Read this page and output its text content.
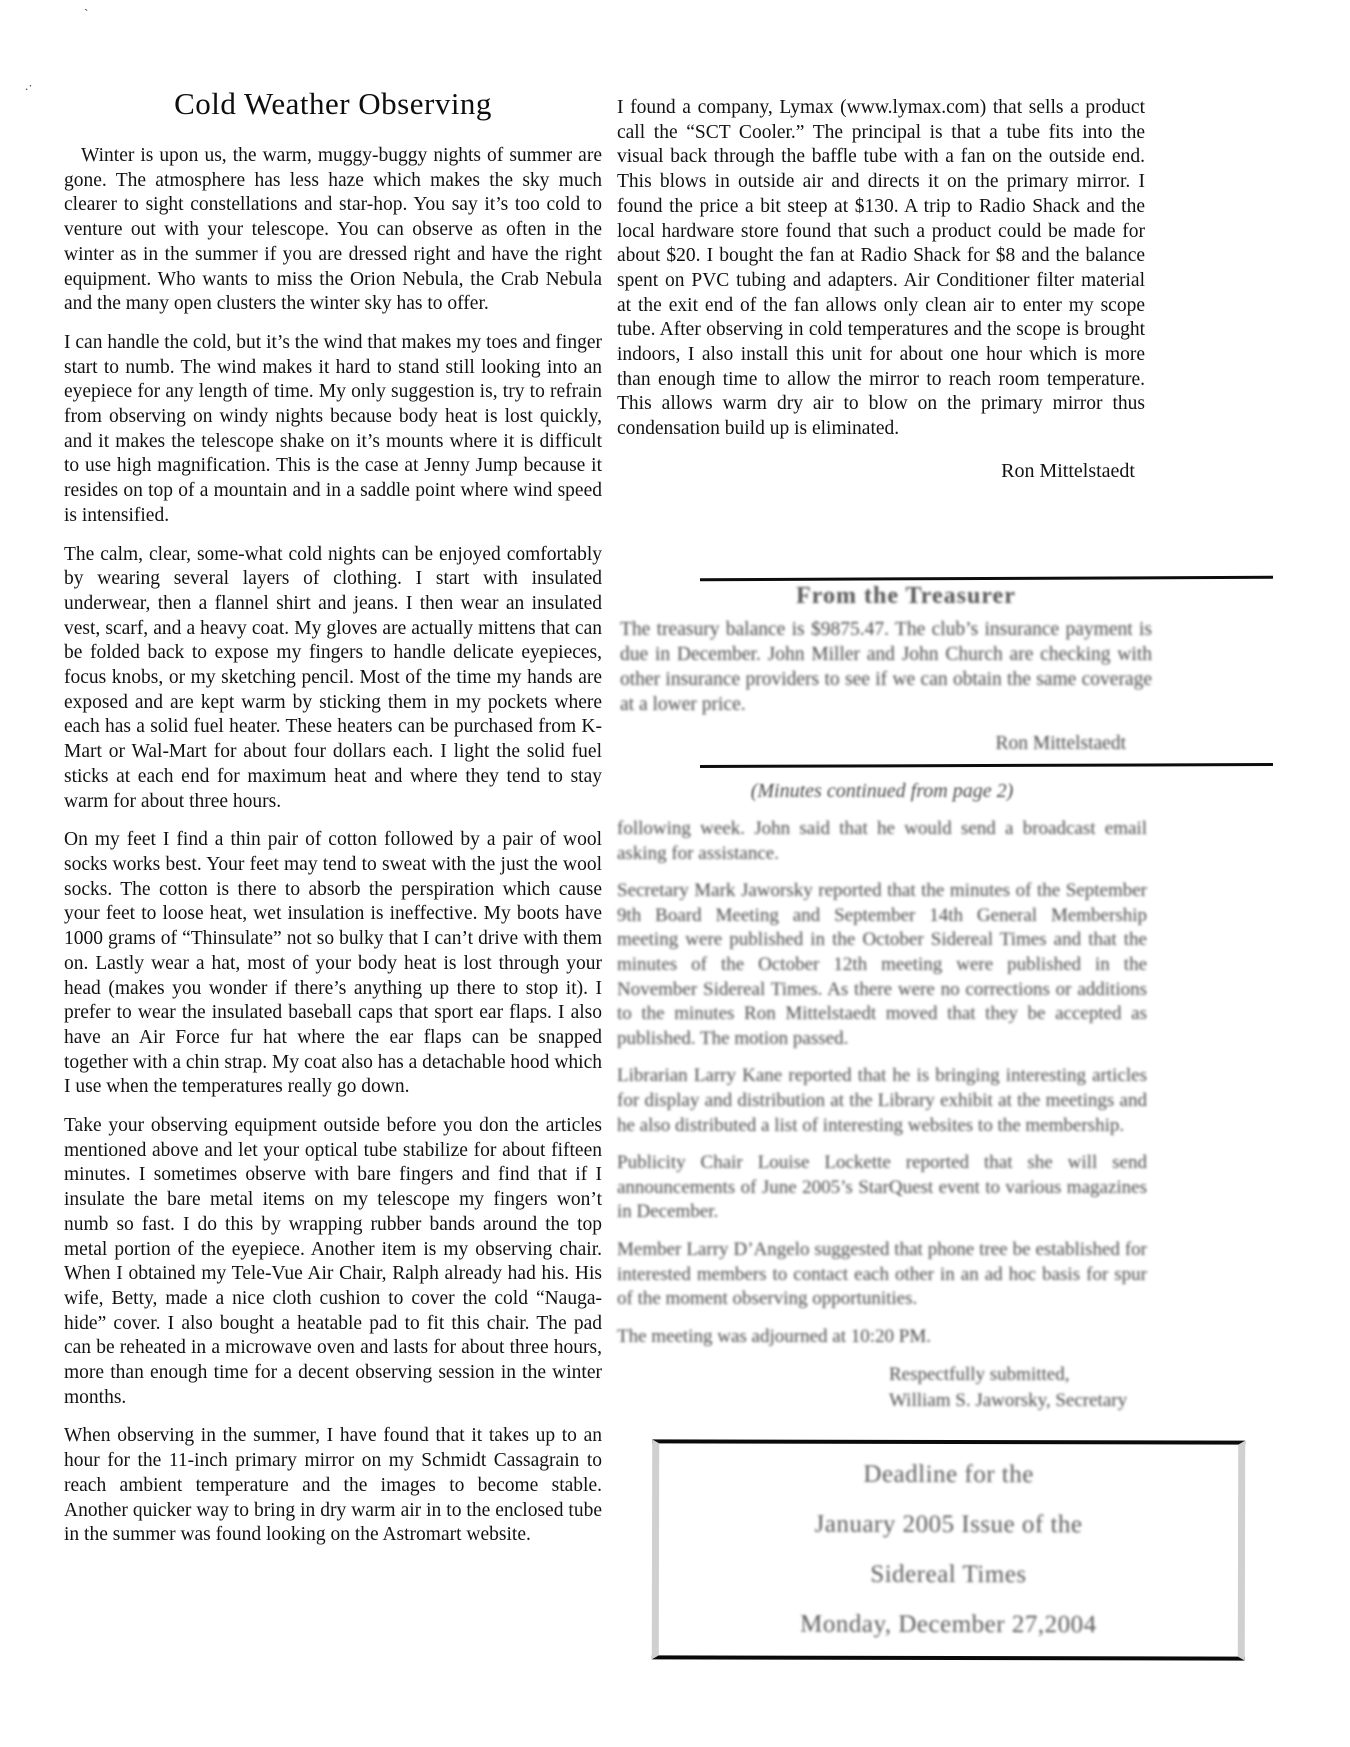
ˋ
.·
Cold Weather Observing

Winter is upon us, the warm, muggy-buggy nights of summer are gone. The atmosphere has less haze which makes the sky much clearer to sight constellations and star-hop. You say it’s too cold to venture out with your telescope. You can observe as often in the winter as in the summer if you are dressed right and have the right equipment. Who wants to miss the Orion Nebula, the Crab Nebula and the many open clusters the winter sky has to offer.

I can handle the cold, but it’s the wind that makes my toes and finger start to numb. The wind makes it hard to stand still looking into an eyepiece for any length of time. My only suggestion is, try to refrain from observing on windy nights because body heat is lost quickly, and it makes the telescope shake on it’s mounts where it is difficult to use high magnification. This is the case at Jenny Jump because it resides on top of a mountain and in a saddle point where wind speed is intensified.

The calm, clear, some-what cold nights can be enjoyed comfortably by wearing several layers of clothing. I start with insulated underwear, then a flannel shirt and jeans. I then wear an insulated vest, scarf, and a heavy coat. My gloves are actually mittens that can be folded back to expose my fingers to handle delicate eyepieces, focus knobs, or my sketching pencil. Most of the time my hands are exposed and are kept warm by sticking them in my pockets where each has a solid fuel heater. These heaters can be purchased from K-Mart or Wal-Mart for about four dollars each. I light the solid fuel sticks at each end for maximum heat and where they tend to stay warm for about three hours.

On my feet I find a thin pair of cotton followed by a pair of wool socks works best. Your feet may tend to sweat with the just the wool socks. The cotton is there to absorb the perspiration which cause your feet to loose heat, wet insulation is ineffective. My boots have 1000 grams of “Thinsulate” not so bulky that I can’t drive with them on. Lastly wear a hat, most of your body heat is lost through your head (makes you wonder if there’s anything up there to stop it). I prefer to wear the insulated baseball caps that sport ear flaps. I also have an Air Force fur hat where the ear flaps can be snapped together with a chin strap. My coat also has a detachable hood which I use when the temperatures really go down.

Take your observing equipment outside before you don the articles mentioned above and let your optical tube stabilize for about fifteen minutes. I sometimes observe with bare fingers and find that if I insulate the bare metal items on my telescope my fingers won’t numb so fast. I do this by wrapping rubber bands around the top metal portion of the eyepiece. Another item is my observing chair. When I obtained my Tele-Vue Air Chair, Ralph already had his. His wife, Betty, made a nice cloth cushion to cover the cold “Nauga-hide” cover. I also bought a heatable pad to fit this chair. The pad can be reheated in a microwave oven and lasts for about three hours, more than enough time for a decent observing session in the winter months.

When observing in the summer, I have found that it takes up to an hour for the 11-inch primary mirror on my Schmidt Cassagrain to reach ambient temperature and the images to become stable. Another quicker way to bring in dry warm air in to the enclosed tube in the summer was found looking on the Astromart website.

I found a company, Lymax (www.lymax.com) that sells a product call the “SCT Cooler.” The principal is that a tube fits into the visual back through the baffle tube with a fan on the outside end. This blows in outside air and directs it on the primary mirror. I found the price a bit steep at $130. A trip to Radio Shack and the local hardware store found that such a product could be made for about $20. I bought the fan at Radio Shack for $8 and the balance spent on PVC tubing and adapters. Air Conditioner filter material at the exit end of the fan allows only clean air to enter my scope tube. After observing in cold temperatures and the scope is brought indoors, I also install this unit for about one hour which is more than enough time to allow the mirror to reach room temperature. This allows warm dry air to blow on the primary mirror thus condensation build up is eliminated.

Ron Mittelstaedt
From the Treasurer

The treasury balance is $9875.47. The club’s insurance payment is due in December. John Miller and John Church are checking with other insurance providers to see if we can obtain the same coverage at a lower price.

Ron Mittelstaedt
(Minutes continued from page 2)

following week. John said that he would send a broadcast email asking for assistance.

Secretary Mark Jaworsky reported that the minutes of the September 9th Board Meeting and September 14th General Membership meeting were published in the October Sidereal Times and that the minutes of the October 12th meeting were published in the November Sidereal Times. As there were no corrections or additions to the minutes Ron Mittelstaedt moved that they be accepted as published. The motion passed.

Librarian Larry Kane reported that he is bringing interesting articles for display and distribution at the Library exhibit at the meetings and he also distributed a list of interesting websites to the membership.

Publicity Chair Louise Lockette reported that she will send announcements of June 2005’s StarQuest event to various magazines in December.

Member Larry D’Angelo suggested that phone tree be established for interested members to contact each other in an ad hoc basis for spur of the moment observing opportunities.

The meeting was adjourned at 10:20 PM.

Respectfully submitted,
William S. Jaworsky, Secretary
Deadline for the
January 2005 Issue of the
Sidereal Times
Monday, December 27,2004
